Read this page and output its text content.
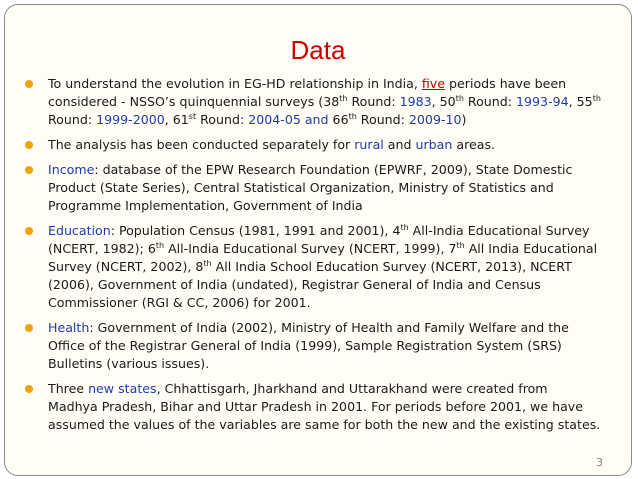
Data
To understand the evolution in EG-HD relationship in India, five periods have been considered - NSSO’s quinquennial surveys (38th Round: 1983, 50th Round: 1993-94, 55th Round: 1999-2000, 61st Round: 2004-05 and 66th Round: 2009-10)
The analysis has been conducted separately for rural and urban areas.
Income: database of the EPW Research Foundation (EPWRF, 2009), State Domestic Product (State Series), Central Statistical Organization, Ministry of Statistics and Programme Implementation, Government of India
Education: Population Census (1981, 1991 and 2001), 4th All-India Educational Survey (NCERT, 1982); 6th All-India Educational Survey (NCERT, 1999), 7th All India Educational Survey (NCERT, 2002), 8th All India School Education Survey (NCERT, 2013), NCERT (2006), Government of India (undated), Registrar General of India and Census Commissioner (RGI & CC, 2006) for 2001.
Health: Government of India (2002), Ministry of Health and Family Welfare and the Office of the Registrar General of India (1999), Sample Registration System (SRS) Bulletins (various issues).
Three new states, Chhattisgarh, Jharkhand and Uttarakhand were created from Madhya Pradesh, Bihar and Uttar Pradesh in 2001. For periods before 2001, we have assumed the values of the variables are same for both the new and the existing states.
3
